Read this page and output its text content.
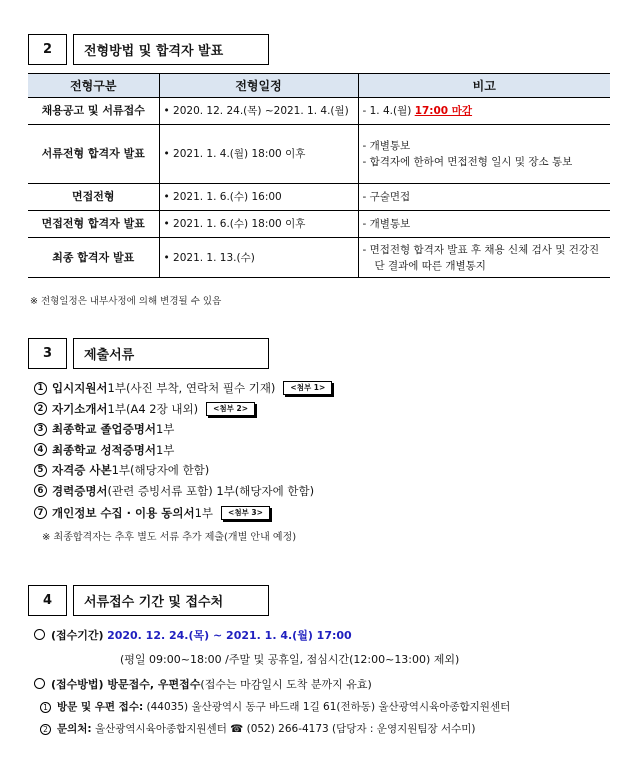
2	전형방법 및 합격자 발표
전형구분	전형일정	비고
채용공고 및 서류접수	• 2020. 12. 24.(목) ~2021. 1. 4.(월)	- 1. 4.(월) 17:00 마감
서류전형 합격자 발표	• 2021. 1. 4.(월) 18:00 이후	- 개별통보
- 합격자에 한하여 면접전형 일시 및 장소 통보

면접전형	• 2021. 1. 6.(수) 16:00	- 구술면접
면접전형 합격자 발표	• 2021. 1. 6.(수) 18:00 이후	- 개별통보
최종 합격자 발표	• 2021. 1. 13.(수)	- 면접전형 합격자 발표 후 채용 신체 검사 및 건강진단 결과에 따른 개별통지
※ 전형일정은 내부사정에 의해 변경될 수 있음
3	제출서류
1 입시지원서 1부(사진 부착, 연락처 필수 기재)	<첨부 1>
2 자기소개서 1부(A4 2장 내외)	<첨부 2>
3 최종학교 졸업증명서 1부
4 최종학교 성적증명서 1부
5 자격증 사본 1부(해당자에 한함)
6 경력증명서 (관련 증빙서류 포함) 1부(해당자에 한함)
7 개인정보 수집 · 이용 동의서 1부	<첨부 3>
※ 최종합격자는 추후 별도 서류 추가 제출(개별 안내 예정)
4	서류접수 기간 및 접수처
(접수기간) 2020. 12. 24.(목) ~ 2021. 1. 4.(월) 17:00
(평일 09:00~18:00 /주말 및 공휴일, 점심시간(12:00~13:00) 제외)
(접수방법) 방문접수, 우편접수(접수는 마감일시 도착 분까지 유효)
1 방문 및 우편 접수: (44035) 울산광역시 동구 바드래 1길 61(전하동) 울산광역시육아종합지원센터
2 문의처: 울산광역시육아종합지원센터 ☎ (052) 266-4173 (담당자 : 운영지원팀장 서수미)
